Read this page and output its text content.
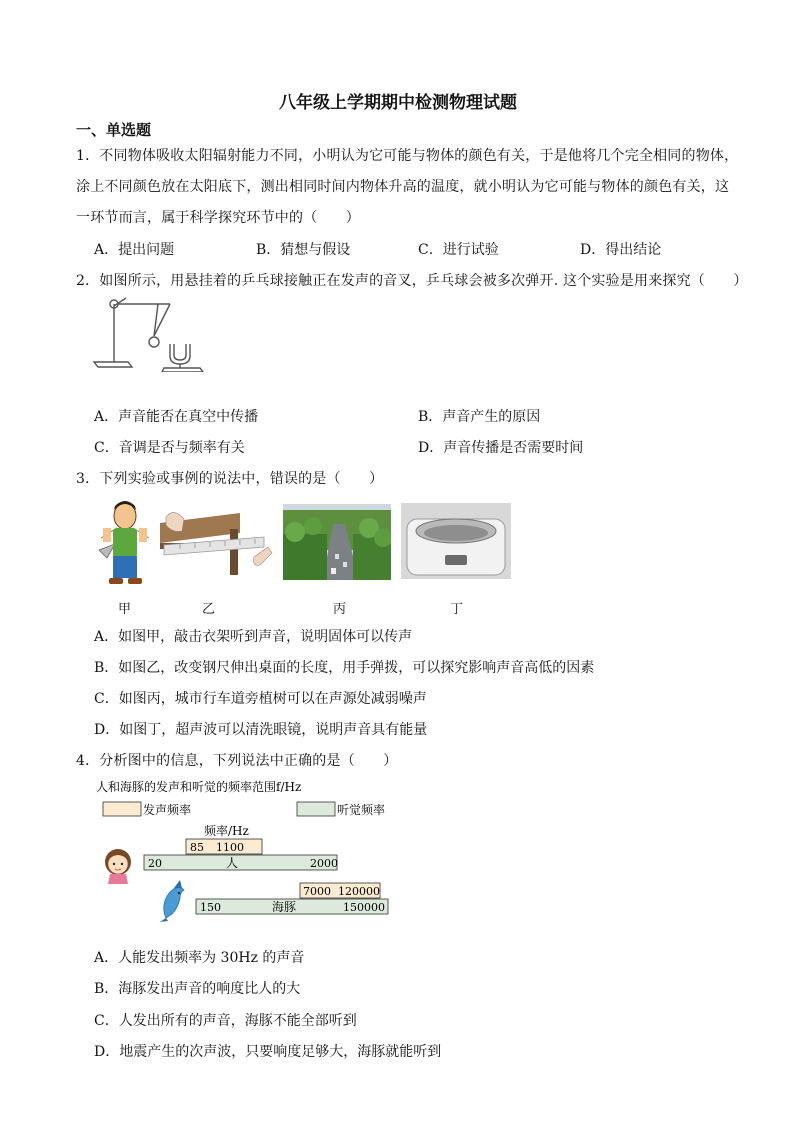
八年级上学期期中检测物理试题
一、单选题
1．不同物体吸收太阳辐射能力不同，小明认为它可能与物体的颜色有关，于是他将几个完全相同的物体，
涂上不同颜色放在太阳底下，测出相同时间内物体升高的温度，就小明认为它可能与物体的颜色有关，这
一环节而言，属于科学探究环节中的（　　）
A．提出问题	B．猜想与假设	C．进行试验	D．得出结论
2．如图所示，用悬挂着的乒乓球接触正在发声的音叉，乒乓球会被多次弹开. 这个实验是用来探究（　　）
A．声音能否在真空中传播	B．声音产生的原因
C．音调是否与频率有关	D．声音传播是否需要时间
3．下列实验或事例的说法中，错误的是（　　）
甲	乙	丙	丁
A．如图甲，敲击衣架听到声音，说明固体可以传声
B．如图乙，改变钢尺伸出桌面的长度，用手弹拨，可以探究影响声音高低的因素
C．如图丙，城市行车道旁植树可以在声源处减弱噪声
D．如图丁，超声波可以清洗眼镜，说明声音具有能量
4．分析图中的信息，下列说法中正确的是（　　）
人和海豚的发声和听觉的频率范围f/Hz
发声频率	听觉频率
频率/Hz
85 1100
20	人	2000
7000 120000
150	海豚	150000
A．人能发出频率为 30Hz 的声音
B．海豚发出声音的响度比人的大
C．人发出所有的声音，海豚不能全部听到
D．地震产生的次声波，只要响度足够大，海豚就能听到
